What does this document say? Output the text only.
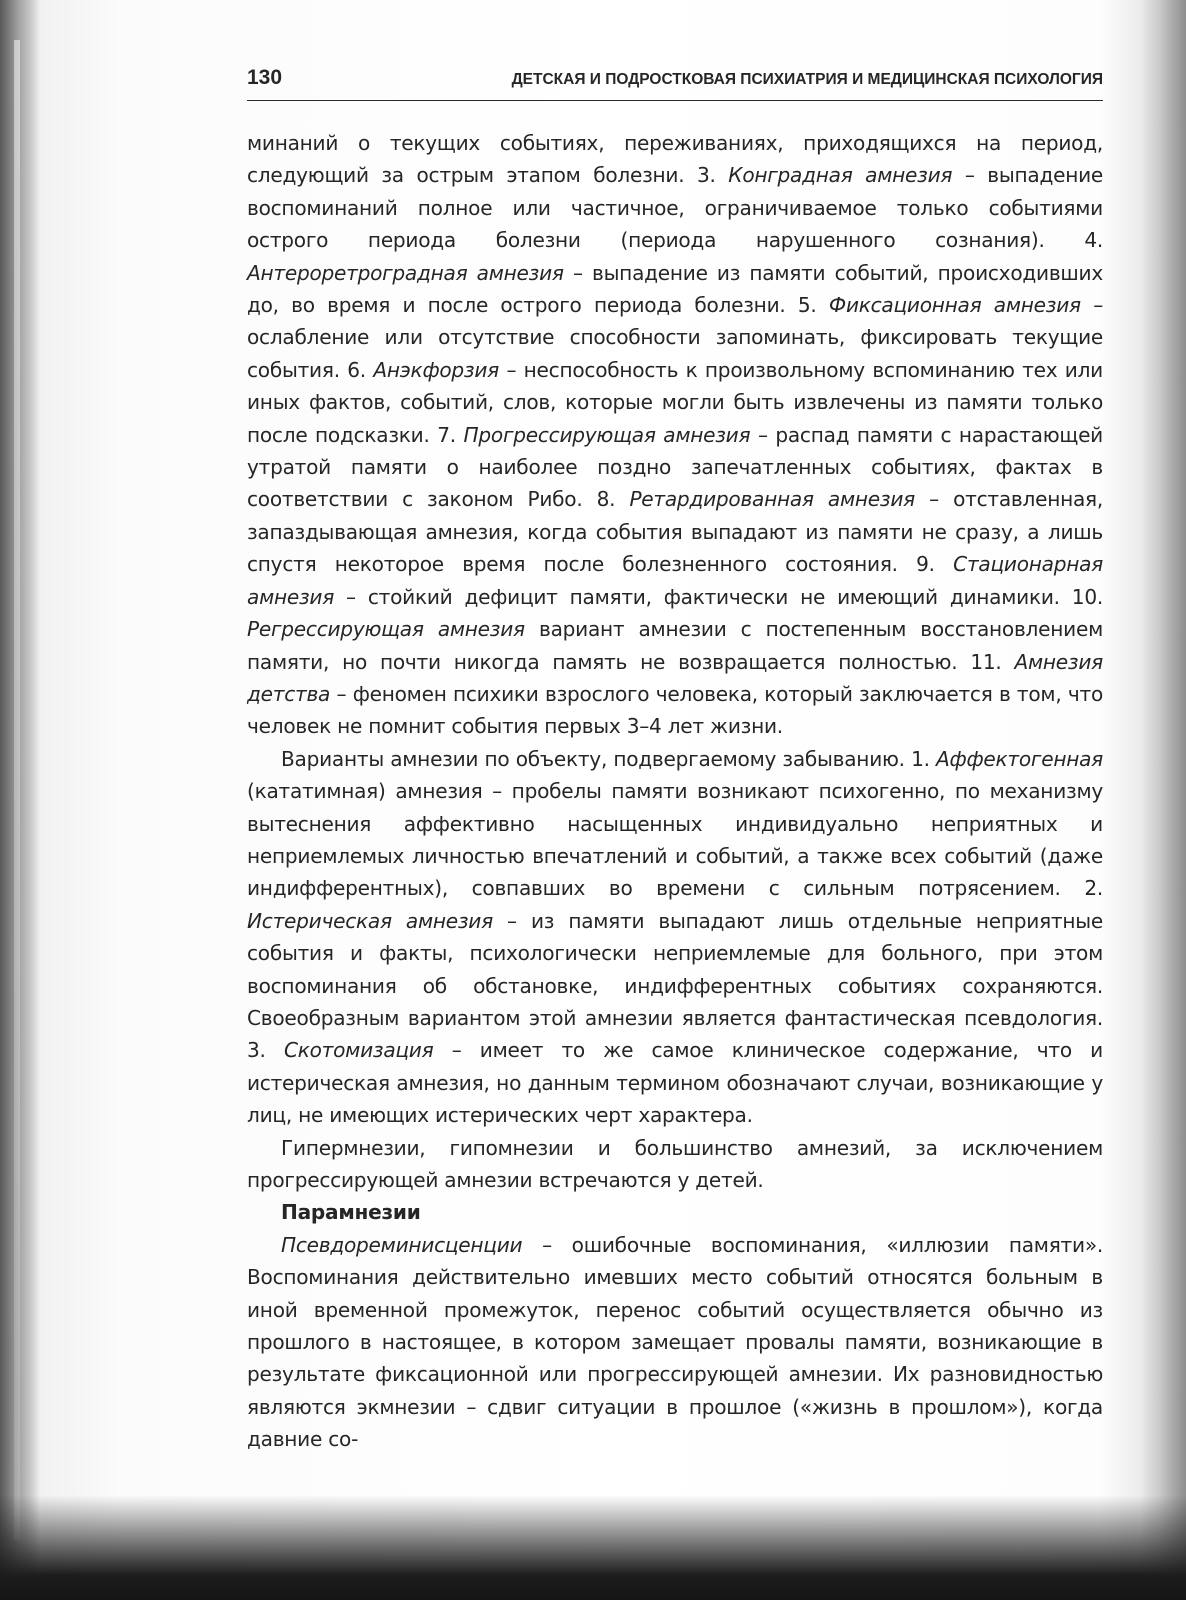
130	ДЕТСКАЯ И ПОДРОСТКОВАЯ ПСИХИАТРИЯ И МЕДИЦИНСКАЯ ПСИХОЛОГИЯ

минаний о текущих событиях, переживаниях, приходящихся на период, следующий за острым этапом болезни. 3. Конградная амнезия – выпадение воспоминаний полное или частичное, ограничиваемое только событиями острого периода болезни (периода нарушенного сознания). 4. Антероретроградная амнезия – выпадение из памяти событий, происходивших до, во время и после острого периода болезни. 5. Фиксационная амнезия – ослабление или отсутствие способности запоминать, фиксировать текущие события. 6. Анэкфорзия – неспособность к произвольному вспоминанию тех или иных фактов, событий, слов, которые могли быть извлечены из памяти только после подсказки. 7. Прогрессирующая амнезия – распад памяти с нарастающей утратой памяти о наиболее поздно запечатленных событиях, фактах в соответствии с законом Рибо. 8. Ретардированная амнезия – отставленная, запаздывающая амнезия, когда события выпадают из памяти не сразу, а лишь спустя некоторое время после болезненного состояния. 9. Стационарная амнезия – стойкий дефицит памяти, фактически не имеющий динамики. 10. Регрессирующая амнезия вариант амнезии с постепенным восстановлением памяти, но почти никогда память не возвращается полностью. 11. Амнезия детства – феномен психики взрослого человека, который заключается в том, что человек не помнит события первых 3–4 лет жизни.

Варианты амнезии по объекту, подвергаемому забыванию. 1. Аффектогенная (кататимная) амнезия – пробелы памяти возникают психогенно, по механизму вытеснения аффективно насыщенных индивидуально неприятных и неприемлемых личностью впечатлений и событий, а также всех событий (даже индифферентных), совпавших во времени с сильным потрясением. 2. Истерическая амнезия – из памяти выпадают лишь отдельные неприятные события и факты, психологически неприемлемые для больного, при этом воспоминания об обстановке, индифферентных событиях сохраняются. Своеобразным вариантом этой амнезии является фантастическая псевдология. 3. Скотомизация – имеет то же самое клиническое содержание, что и истерическая амнезия, но данным термином обозначают случаи, возникающие у лиц, не имеющих истерических черт характера.

Гипермнезии, гипомнезии и большинство амнезий, за исключением прогрессирующей амнезии встречаются у детей.

Парамнезии

Псевдореминисценции – ошибочные воспоминания, «иллюзии памяти». Воспоминания действительно имевших место событий относятся больным в иной временной промежуток, перенос событий осуществляется обычно из прошлого в настоящее, в котором замещает провалы памяти, возникающие в результате фиксационной или прогрессирующей амнезии. Их разновидностью являются экмнезии – сдвиг ситуации в прошлое («жизнь в прошлом»), когда давние со-
